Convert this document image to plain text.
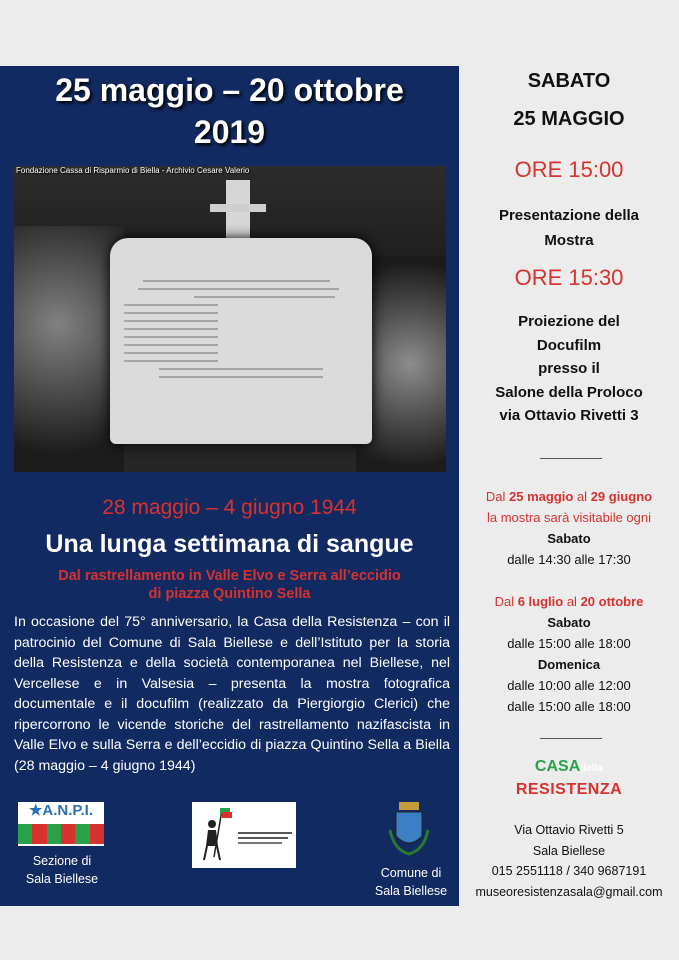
25 maggio – 20 ottobre
2019
Fondazione Cassa di Risparmio di Biella - Archivio Cesare Valerio
28 maggio – 4 giugno 1944
Una lunga settimana di sangue
Dal rastrellamento in Valle Elvo e Serra all’eccidio
di piazza Quintino Sella
In occasione del 75° anniversario, la Casa della Resistenza – con il patrocinio del Comune di Sala Biellese e dell’Istituto per la storia della Resistenza e della società contemporanea nel Biellese, nel Vercellese e in Valsesia – presenta la mostra fotografica documentale e il docufilm (realizzato da Piergiorgio Clerici) che ripercorrono le vicende storiche del rastrellamento nazifascista in Valle Elvo e sulla Serra e dell’eccidio di piazza Quintino Sella a Biella (28 maggio – 4 giugno 1944)
★A.N.P.I.
Sezione di
Sala Biellese	Comune di
Sala Biellese
SABATO
25 MAGGIO
ORE 15:00
Presentazione della
Mostra
ORE 15:30
Proiezione del
Docufilm
presso il
Salone della Proloco
via Ottavio Rivetti 3
Dal 25 maggio al 29 giugno
la mostra sarà visitabile ogni
Sabato
dalle 14:30 alle 17:30
Dal 6 luglio al 20 ottobre
Sabato
dalle 15:00 alle 18:00
Domenica
dalle 10:00 alle 12:00
dalle 15:00 alle 18:00
CASAdella
RESISTENZA
Via Ottavio Rivetti 5
Sala Biellese
015 2551118 / 340 9687191
museoresistenzasala@gmail.com
